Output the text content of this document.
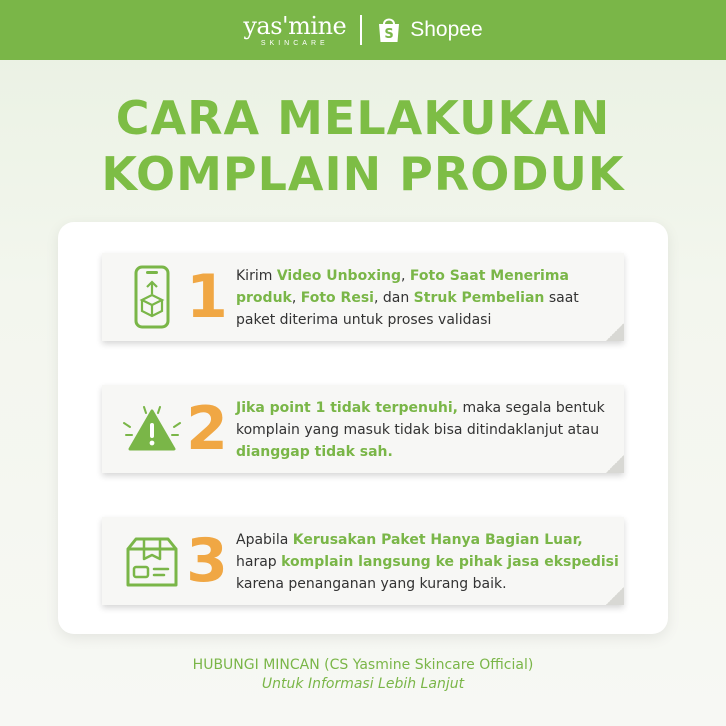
yas'mine
SKINCARE
S Shopee
CARA MELAKUKAN
KOMPLAIN PRODUK
1 Kirim Video Unboxing, Foto Saat Menerima produk, Foto Resi, dan Struk Pembelian saat paket diterima untuk proses validasi
2 Jika point 1 tidak terpenuhi, maka segala bentuk komplain yang masuk tidak bisa ditindaklanjut atau dianggap tidak sah.
3 Apabila Kerusakan Paket Hanya Bagian Luar, harap komplain langsung ke pihak jasa ekspedisi karena penanganan yang kurang baik.
HUBUNGI MINCAN (CS Yasmine Skincare Official)
Untuk Informasi Lebih Lanjut
